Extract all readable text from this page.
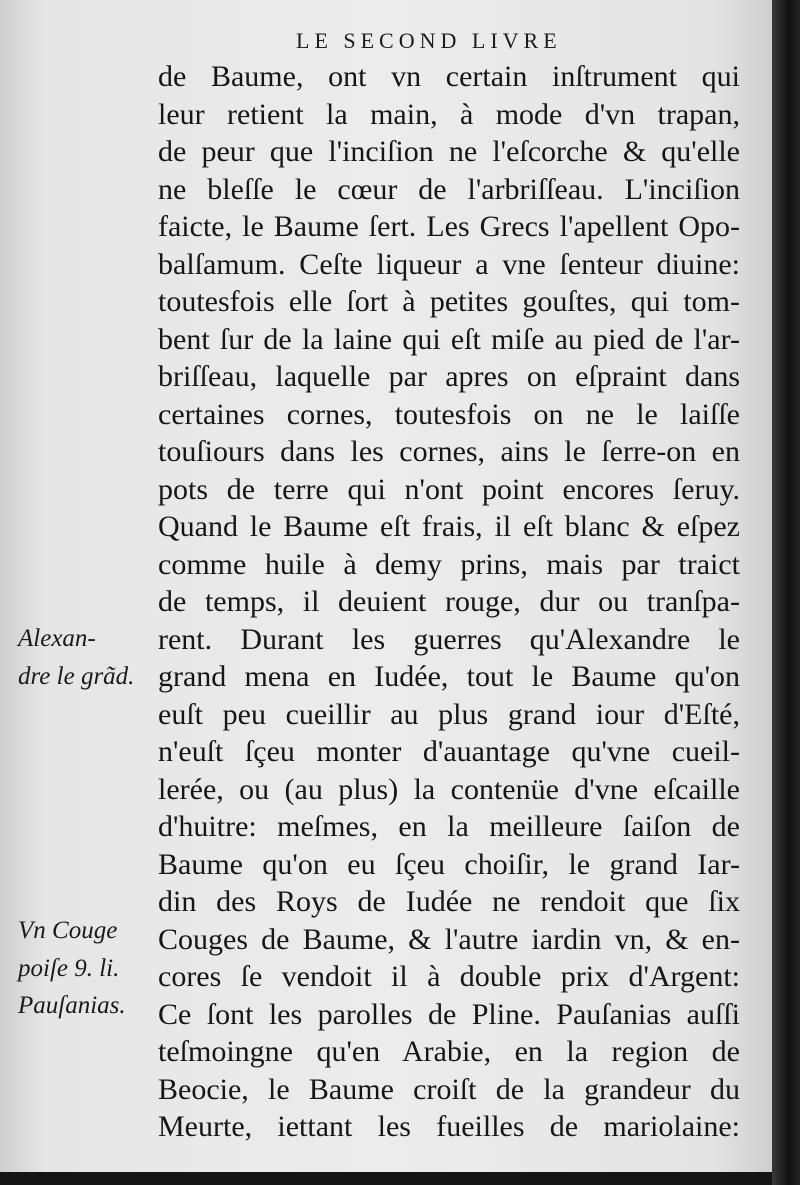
LE SECOND LIVRE
de Baume, ont vn certain inſtrument qui
leur retient la main, à mode d'vn trapan,
de peur que l'inciſion ne l'eſcorche & qu'elle
ne bleſſe le cœur de l'arbriſſeau. L'inciſion
faicte, le Baume ſert. Les Grecs l'apellent Opo-
balſamum. Ceſte liqueur a vne ſenteur diuine:
toutesfois elle ſort à petites gouſtes, qui tom-
bent ſur de la laine qui eſt miſe au pied de l'ar-
briſſeau, laquelle par apres on eſpraint dans
certaines cornes, toutesfois on ne le laiſſe
touſiours dans les cornes, ains le ſerre-on en
pots de terre qui n'ont point encores ſeruy.
Quand le Baume eſt frais, il eſt blanc & eſpez
comme huile à demy prins, mais par traict
de temps, il deuient rouge, dur ou tranſpa-
rent. Durant les guerres qu'Alexandre le
grand mena en Iudée, tout le Baume qu'on
euſt peu cueillir au plus grand iour d'Eſté,
n'euſt ſçeu monter d'auantage qu'vne cueil-
lerée, ou (au plus) la contenüe d'vne eſcaille
d'huitre: meſmes, en la meilleure ſaiſon de
Baume qu'on eu ſçeu choiſir, le grand Iar-
din des Roys de Iudée ne rendoit que ſix
Couges de Baume, & l'autre iardin vn, & en-
cores ſe vendoit il à double prix d'Argent:
Ce ſont les parolles de Pline. Pauſanias auſſi
teſmoingne qu'en Arabie, en la region de
Beocie, le Baume croiſt de la grandeur du
Meurte, iettant les fueilles de mariolaine:
Alexan-
dre le grãd.
Vn Couge
poiſe 9. li.
Pauſanias.
